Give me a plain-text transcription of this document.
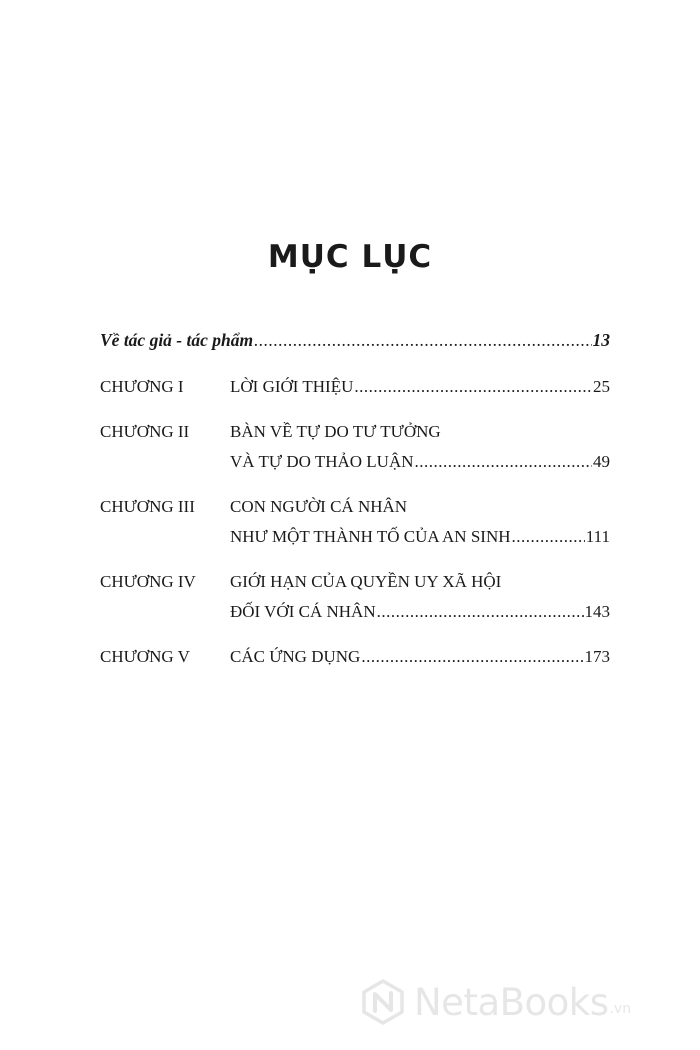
MỤC LỤC
Về tác giả - tác phẩm .....	13
CHƯƠNG I	LỜI GIỚI THIỆU .....	25
CHƯƠNG II	BÀN VỀ TỰ DO TƯ TƯỞNG
VÀ TỰ DO THẢO LUẬN .....	49
CHƯƠNG III	CON NGƯỜI CÁ NHÂN
NHƯ MỘT THÀNH TỐ CỦA AN SINH .....	111
CHƯƠNG IV	GIỚI HẠN CỦA QUYỀN UY XÃ HỘI
ĐỐI VỚI CÁ NHÂN .....	143
CHƯƠNG V	CÁC ỨNG DỤNG .....	173
NetaBooks .vn
